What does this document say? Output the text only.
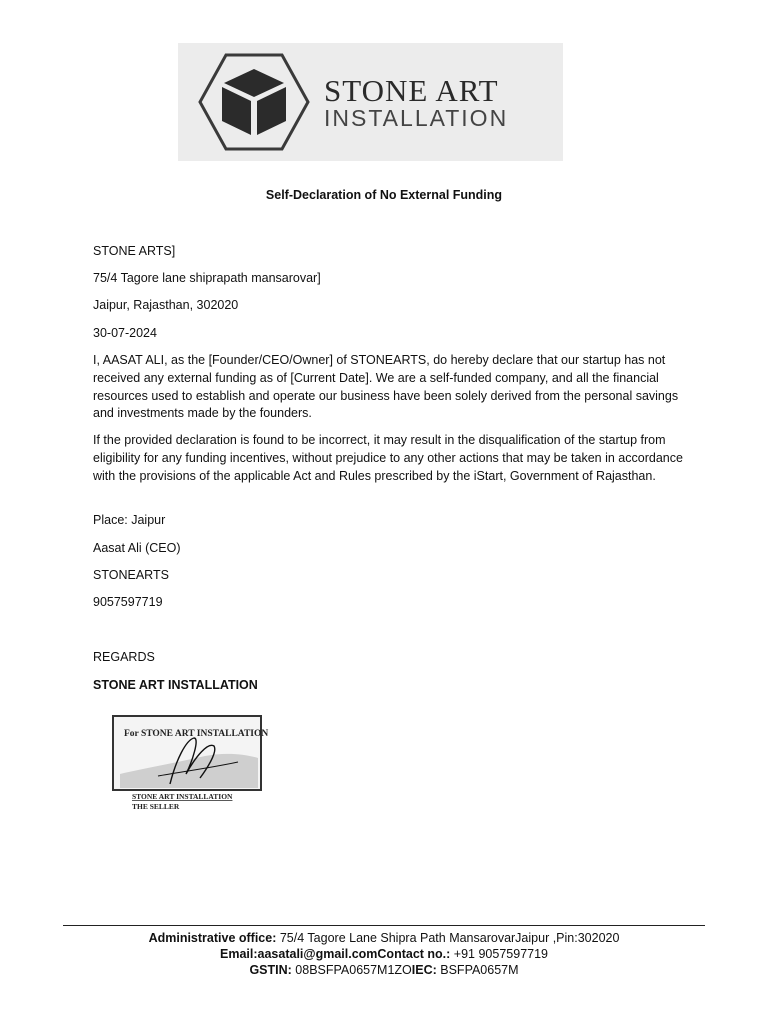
STONE ART
INSTALLATION
Self-Declaration of No External Funding
STONE ARTS]
75/4 Tagore lane shiprapath mansarovar]
Jaipur, Rajasthan, 302020
30-07-2024
I, AASAT ALI, as the [Founder/CEO/Owner] of STONEARTS, do hereby declare that our startup has not received any external funding as of [Current Date]. We are a self-funded company, and all the financial resources used to establish and operate our business have been solely derived from the personal savings and investments made by the founders.
If the provided declaration is found to be incorrect, it may result in the disqualification of the startup from eligibility for any funding incentives, without prejudice to any other actions that may be taken in accordance with the provisions of the applicable Act and Rules prescribed by the iStart, Government of Rajasthan.
Place: Jaipur
Aasat Ali (CEO)
STONEARTS
9057597719
REGARDS
STONE ART INSTALLATION
For STONE ART INSTALLATION
STONE ART INSTALLATION
THE SELLER
Administrative office: 75/4 Tagore Lane Shipra Path MansarovarJaipur ,Pin:302020
Email:aasatali@gmail.comContact no.: +91 9057597719
GSTIN: 08BSFPA0657M1ZOIEC: BSFPA0657M
